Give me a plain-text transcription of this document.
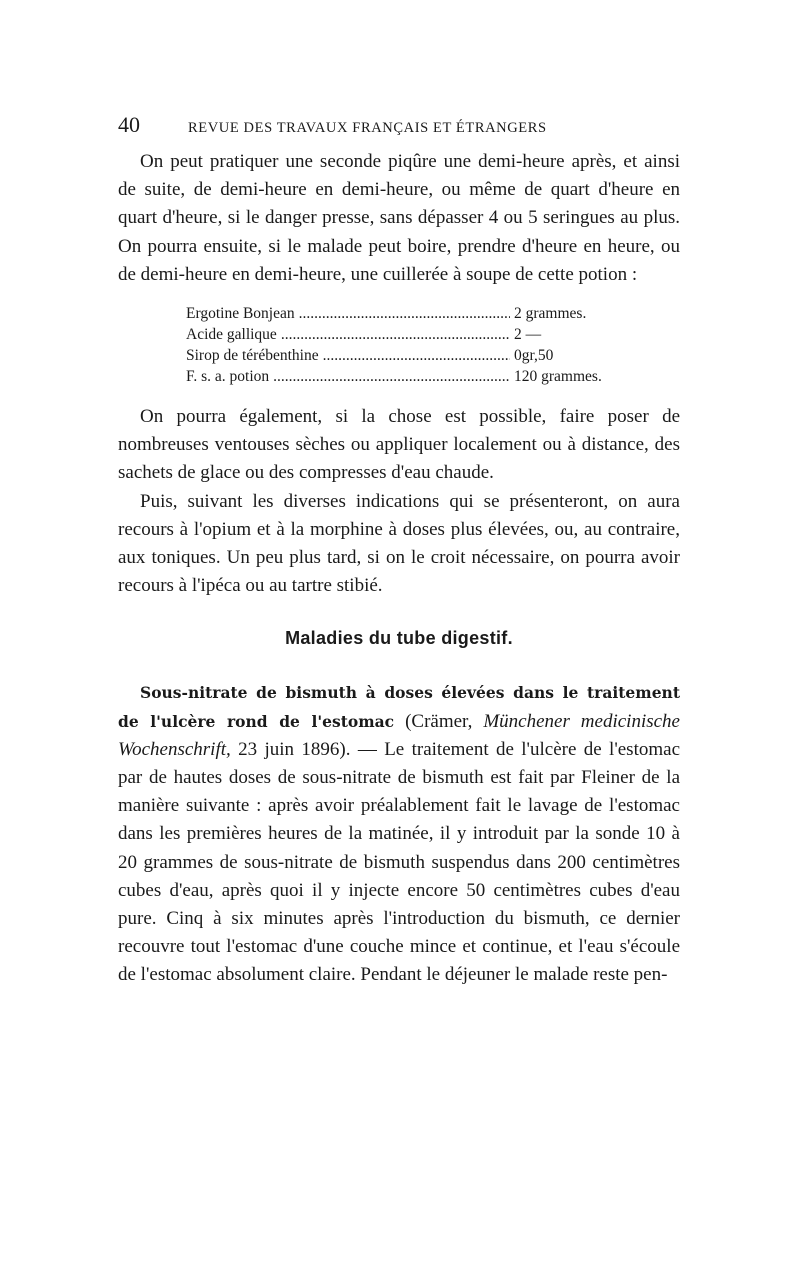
40	REVUE DES TRAVAUX FRANÇAIS ET ÉTRANGERS

On peut pratiquer une seconde piqûre une demi-heure après, et ainsi de suite, de demi-heure en demi-heure, ou même de quart d'heure en quart d'heure, si le danger presse, sans dépasser 4 ou 5 seringues au plus. On pourra ensuite, si le malade peut boire, prendre d'heure en heure, ou de demi-heure en demi-heure, une cuillerée à soupe de cette potion :

Ergotine Bonjean .....	2 grammes.
Acide gallique .....	2 —
Sirop de térébenthine .....	0gr,50
F. s. a. potion .....	120 grammes.

On pourra également, si la chose est possible, faire poser de nombreuses ventouses sèches ou appliquer localement ou à distance, des sachets de glace ou des compresses d'eau chaude.

Puis, suivant les diverses indications qui se présenteront, on aura recours à l'opium et à la morphine à doses plus élevées, ou, au contraire, aux toniques. Un peu plus tard, si on le croit nécessaire, on pourra avoir recours à l'ipéca ou au tartre stibié.

Maladies du tube digestif.

Sous-nitrate de bismuth à doses élevées dans le traitement de l'ulcère rond de l'estomac (Crämer, Münchener medicinische Wochenschrift, 23 juin 1896). — Le traitement de l'ulcère de l'estomac par de hautes doses de sous-nitrate de bismuth est fait par Fleiner de la manière suivante : après avoir préalablement fait le lavage de l'estomac dans les premières heures de la matinée, il y introduit par la sonde 10 à 20 grammes de sous-nitrate de bismuth suspendus dans 200 centimètres cubes d'eau, après quoi il y injecte encore 50 centimètres cubes d'eau pure. Cinq à six minutes après l'introduction du bismuth, ce dernier recouvre tout l'estomac d'une couche mince et continue, et l'eau s'écoule de l'estomac absolument claire. Pendant le déjeuner le malade reste pen-
